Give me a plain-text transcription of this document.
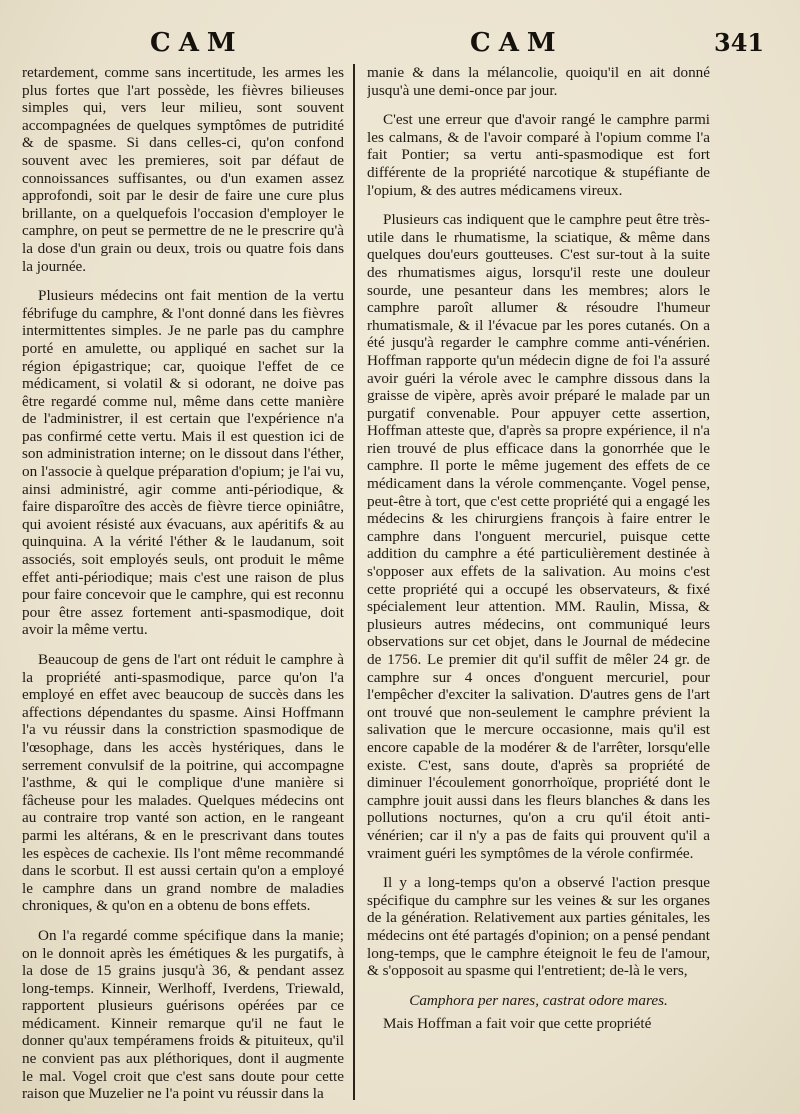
CAM	CAM	341

retardement, comme sans incertitude, les armes les plus fortes que l'art possède, les fièvres bilieuses simples qui, vers leur milieu, sont souvent accompagnées de quelques symptômes de putridité & de spasme. Si dans celles-ci, qu'on confond souvent avec les premieres, soit par défaut de connoissances suffisantes, ou d'un examen assez approfondi, soit par le desir de faire une cure plus brillante, on a quelquefois l'occasion d'employer le camphre, on peut se permettre de ne le prescrire qu'à la dose d'un grain ou deux, trois ou quatre fois dans la journée.

Plusieurs médecins ont fait mention de la vertu fébrifuge du camphre, & l'ont donné dans les fièvres intermittentes simples. Je ne parle pas du camphre porté en amulette, ou appliqué en sachet sur la région épigastrique; car, quoique l'effet de ce médicament, si volatil & si odorant, ne doive pas être regardé comme nul, même dans cette manière de l'administrer, il est certain que l'expérience n'a pas confirmé cette vertu. Mais il est question ici de son administration interne; on le dissout dans l'éther, on l'associe à quelque préparation d'opium; je l'ai vu, ainsi administré, agir comme anti-périodique, & faire disparoître des accès de fièvre tierce opiniâtre, qui avoient résisté aux évacuans, aux apéritifs & au quinquina. A la vérité l'éther & le laudanum, soit associés, soit employés seuls, ont produit le même effet anti-périodique; mais c'est une raison de plus pour faire concevoir que le camphre, qui est reconnu pour être assez fortement anti-spasmodique, doit avoir la même vertu.

Beaucoup de gens de l'art ont réduit le camphre à la propriété anti-spasmodique, parce qu'on l'a employé en effet avec beaucoup de succès dans les affections dépendantes du spasme. Ainsi Hoffmann l'a vu réussir dans la constriction spasmodique de l'œsophage, dans les accès hystériques, dans le serrement convulsif de la poitrine, qui accompagne l'asthme, & qui le complique d'une manière si fâcheuse pour les malades. Quelques médecins ont au contraire trop vanté son action, en le rangeant parmi les altérans, & en le prescrivant dans toutes les espèces de cachexie. Ils l'ont même recommandé dans le scorbut. Il est aussi certain qu'on a employé le camphre dans un grand nombre de maladies chroniques, & qu'on en a obtenu de bons effets.

On l'a regardé comme spécifique dans la manie; on le donnoit après les émétiques & les purgatifs, à la dose de 15 grains jusqu'à 36, & pendant assez long-temps. Kinneir, Werlhoff, Iverdens, Triewald, rapportent plusieurs guérisons opérées par ce médicament. Kinneir remarque qu'il ne faut le donner qu'aux tempéramens froids & pituiteux, qu'il ne convient pas aux pléthoriques, dont il augmente le mal. Vogel croit que c'est sans doute pour cette raison que Muzelier ne l'a point vu réussir dans la

manie & dans la mélancolie, quoiqu'il en ait donné jusqu'à une demi-once par jour.

C'est une erreur que d'avoir rangé le camphre parmi les calmans, & de l'avoir comparé à l'opium comme l'a fait Pontier; sa vertu anti-spasmodique est fort différente de la propriété narcotique & stupéfiante de l'opium, & des autres médicamens vireux.

Plusieurs cas indiquent que le camphre peut être très-utile dans le rhumatisme, la sciatique, & même dans quelques dou'eurs goutteuses. C'est sur-tout à la suite des rhumatismes aigus, lorsqu'il reste une douleur sourde, une pesanteur dans les membres; alors le camphre paroît allumer & résoudre l'humeur rhumatismale, & il l'évacue par les pores cutanés. On a été jusqu'à regarder le camphre comme anti-vénérien. Hoffman rapporte qu'un médecin digne de foi l'a assuré avoir guéri la vérole avec le camphre dissous dans la graisse de vipère, après avoir préparé le malade par un purgatif convenable. Pour appuyer cette assertion, Hoffman atteste que, d'après sa propre expérience, il n'a rien trouvé de plus efficace dans la gonorrhée que le camphre. Il porte le même jugement des effets de ce médicament dans la vérole commençante. Vogel pense, peut-être à tort, que c'est cette propriété qui a engagé les médecins & les chirurgiens françois à faire entrer le camphre dans l'onguent mercuriel, puisque cette addition du camphre a été particulièrement destinée à s'opposer aux effets de la salivation. Au moins c'est cette propriété qui a occupé les observateurs, & fixé spécialement leur attention. MM. Raulin, Missa, & plusieurs autres médecins, ont communiqué leurs observations sur cet objet, dans le Journal de médecine de 1756. Le premier dit qu'il suffit de mêler 24 gr. de camphre sur 4 onces d'onguent mercuriel, pour l'empêcher d'exciter la salivation. D'autres gens de l'art ont trouvé que non-seulement le camphre prévient la salivation que le mercure occasionne, mais qu'il est encore capable de la modérer & de l'arrêter, lorsqu'elle existe. C'est, sans doute, d'après sa propriété de diminuer l'écoulement gonorrhoïque, propriété dont le camphre jouit aussi dans les fleurs blanches & dans les pollutions nocturnes, qu'on a cru qu'il étoit anti-vénérien; car il n'y a pas de faits qui prouvent qu'il a vraiment guéri les symptômes de la vérole confirmée.

Il y a long-temps qu'on a observé l'action presque spécifique du camphre sur les veines & sur les organes de la génération. Relativement aux parties génitales, les médecins ont été partagés d'opinion; on a pensé pendant long-temps, que le camphre éteignoit le feu de l'amour, & s'opposoit au spasme qui l'entretient; de-là le vers,

Camphora per nares, castrat odore mares.

Mais Hoffman a fait voir que cette propriété
